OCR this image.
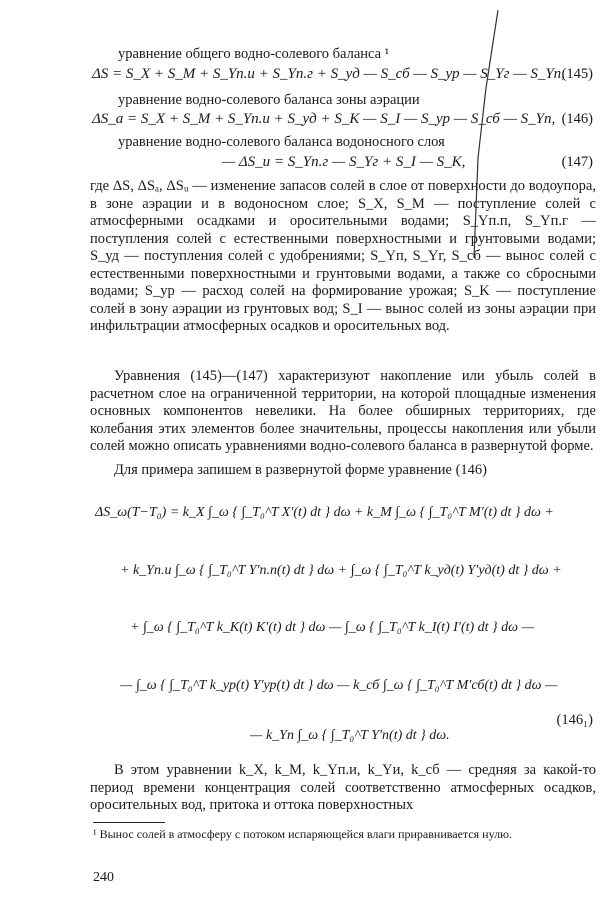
уравнение общего водно-солевого баланса ¹
ΔS = S_X + S_M + S_Yп.и + S_Yп.г + S_уд — S_сб — S_ур — S_Yг — S_Yп,
(145)
уравнение водно-солевого баланса зоны аэрации
ΔS_a = S_X + S_M + S_Yп.и + S_уд + S_K — S_I — S_ур — S_сб — S_Yп, (146)
уравнение водно-солевого баланса водоносного слоя
— ΔS_и = S_Yп.г — S_Yг + S_I — S_K,	(147)

где ΔS, ΔSₐ, ΔSᵤ — изменение запасов солей в слое от поверхности до водоупора, в зоне аэрации и в водоносном слое; S_X, S_M — поступление солей с атмосферными осадками и оросительными водами; S_Yп.п, S_Yп.г — поступления солей с естественными поверхностными и грунтовыми водами; S_уд — поступления солей с удобрениями; S_Yп, S_Yг, S_сб — вынос солей с естественными поверхностными и грунтовыми водами, а также со сбросными водами; S_ур — расход солей на формирование урожая; S_K — поступление солей в зону аэрации из грунтовых вод; S_I — вынос солей из зоны аэрации при инфильтрации атмосферных осадков и оросительных вод.

Уравнения (145)—(147) характеризуют накопление или убыль солей в расчетном слое на ограниченной территории, на которой площадные изменения основных компонентов невелики. На более обширных территориях, где колебания этих элементов более значительны, процессы накопления или убыли солей можно описать уравнениями водно-солевого баланса в развернутой форме.

Для примера запишем в развернутой форме уравнение (146)

ΔS_ω(T−T₀) = k_X ∫_ω { ∫_T₀^T X′(t) dt } dω + k_M ∫_ω { ∫_T₀^T M′(t) dt } dω +
+ k_Yп.и ∫_ω { ∫_T₀^T Y′п.п(t) dt } dω + ∫_ω { ∫_T₀^T k_уд(t) Y′уд(t) dt } dω +
+ ∫_ω { ∫_T₀^T k_K(t) K′(t) dt } dω — ∫_ω { ∫_T₀^T k_I(t) I′(t) dt } dω —
— ∫_ω { ∫_T₀^T k_ур(t) Y′ур(t) dt } dω — k_сб ∫_ω { ∫_T₀^T M′сб(t) dt } dω —
— k_Yп ∫_ω { ∫_T₀^T Y′п(t) dt } dω.
(146₁)

В этом уравнении k_X, k_M, k_Yп.и, k_Yи, k_сб — средняя за какой-то период времени концентрация солей соответственно атмосферных осадков, оросительных вод, притока и оттока поверхностных

¹ Вынос солей в атмосферу с потоком испаряющейся влаги приравнивается нулю.
240
